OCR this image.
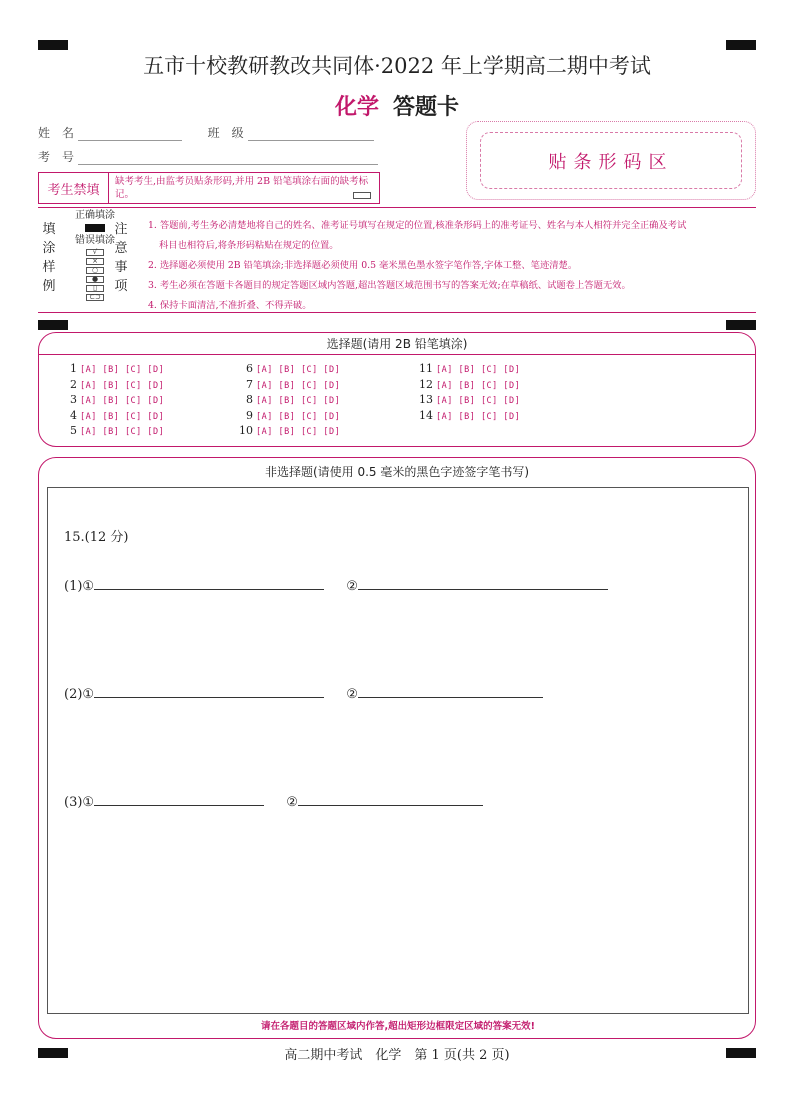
五市十校教研教改共同体·2022 年上学期高二期中考试
化学 答题卡
姓　名	班　级
考　号	贴条形码区
考生禁填
缺考考生,由监考员贴条形码,并用 2B 铅笔填涂右面的缺考标记。
填
涂
样
例
正确填涂
错误填涂
√
×
○
●
▯
⊂⊃
注
意
事
项
1. 答题前,考生务必清楚地将自己的姓名、准考证号填写在规定的位置,核准条形码上的准考证号、姓名与本人相符并完全正确及考试
科目也相符后,将条形码粘贴在规定的位置。
2. 选择题必须使用 2B 铅笔填涂;非选择题必须使用 0.5 毫米黑色墨水签字笔作答,字体工整、笔迹清楚。
3. 考生必须在答题卡各题目的规定答题区域内答题,超出答题区域范围书写的答案无效;在草稿纸、试题卷上答题无效。
4. 保持卡面清洁,不准折叠、不得弄破。
选择题(请用 2B 铅笔填涂)
1 [A] [B] [C] [D]
2 [A] [B] [C] [D]
3 [A] [B] [C] [D]
4 [A] [B] [C] [D]
5 [A] [B] [C] [D]
6 [A] [B] [C] [D]
7 [A] [B] [C] [D]
8 [A] [B] [C] [D]
9 [A] [B] [C] [D]
10 [A] [B] [C] [D]
11 [A] [B] [C] [D]
12 [A] [B] [C] [D]
13 [A] [B] [C] [D]
14 [A] [B] [C] [D]
非选择题(请使用 0.5 毫米的黑色字迹签字笔书写)
15.(12 分)
(1)①	②
(2)①	②
(3)①	②
请在各题目的答题区域内作答,超出矩形边框限定区域的答案无效!
高二期中考试　化学　第 1 页(共 2 页)
